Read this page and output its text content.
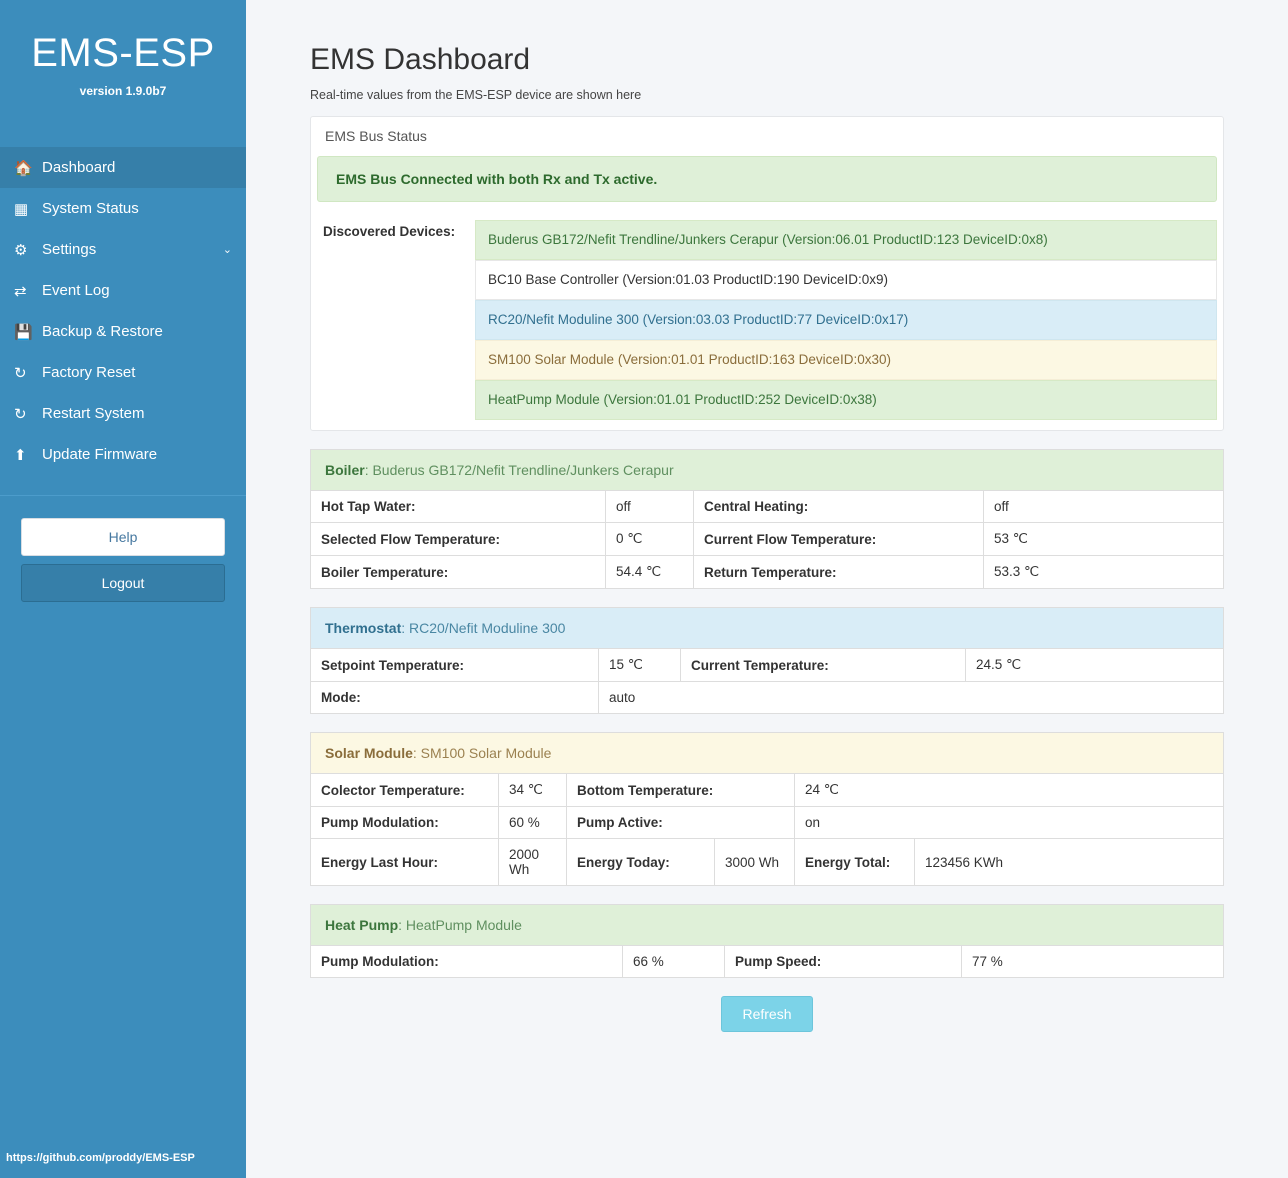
EMS-ESP
version 1.9.0b7
🏠 Dashboard
▦ System Status
⚙ Settings	⌄
⇄	Event Log
💾 Backup & Restore
↻	Factory Reset
↻	Restart System
⬆	Update Firmware
Help
Logout
https://github.com/proddy/EMS-ESP
EMS Dashboard
Real-time values from the EMS-ESP device are shown here
EMS Bus Status
EMS Bus Connected with both Rx and Tx active.
Discovered Devices:
Buderus GB172/Nefit Trendline/Junkers Cerapur (Version:06.01 ProductID:123 DeviceID:0x8)
BC10 Base Controller (Version:01.03 ProductID:190 DeviceID:0x9)
RC20/Nefit Moduline 300 (Version:03.03 ProductID:77 DeviceID:0x17)
SM100 Solar Module (Version:01.01 ProductID:163 DeviceID:0x30)
HeatPump Module (Version:01.01 ProductID:252 DeviceID:0x38)
Boiler: Buderus GB172/Nefit Trendline/Junkers Cerapur			
Hot Tap Water:	off	Central Heating:	off
Selected Flow Temperature:	0 ℃	Current Flow Temperature:	53 ℃
Boiler Temperature:	54.4 ℃	Return Temperature:	53.3 ℃
Thermostat: RC20/Nefit Moduline 300			
Setpoint Temperature:	15 ℃	Current Temperature:	24.5 ℃
Mode:	auto		
Solar Module: SM100 Solar Module					
Colector Temperature:	34 ℃	Bottom Temperature:		24 ℃	
Pump Modulation:	60 %	Pump Active:		on	
Energy Last Hour:	2000 Wh	Energy Today:	3000 Wh	Energy Total:	123456 KWh
Heat Pump: HeatPump Module
Pump Modulation:	66 %	Pump Speed:	77 %
Refresh
